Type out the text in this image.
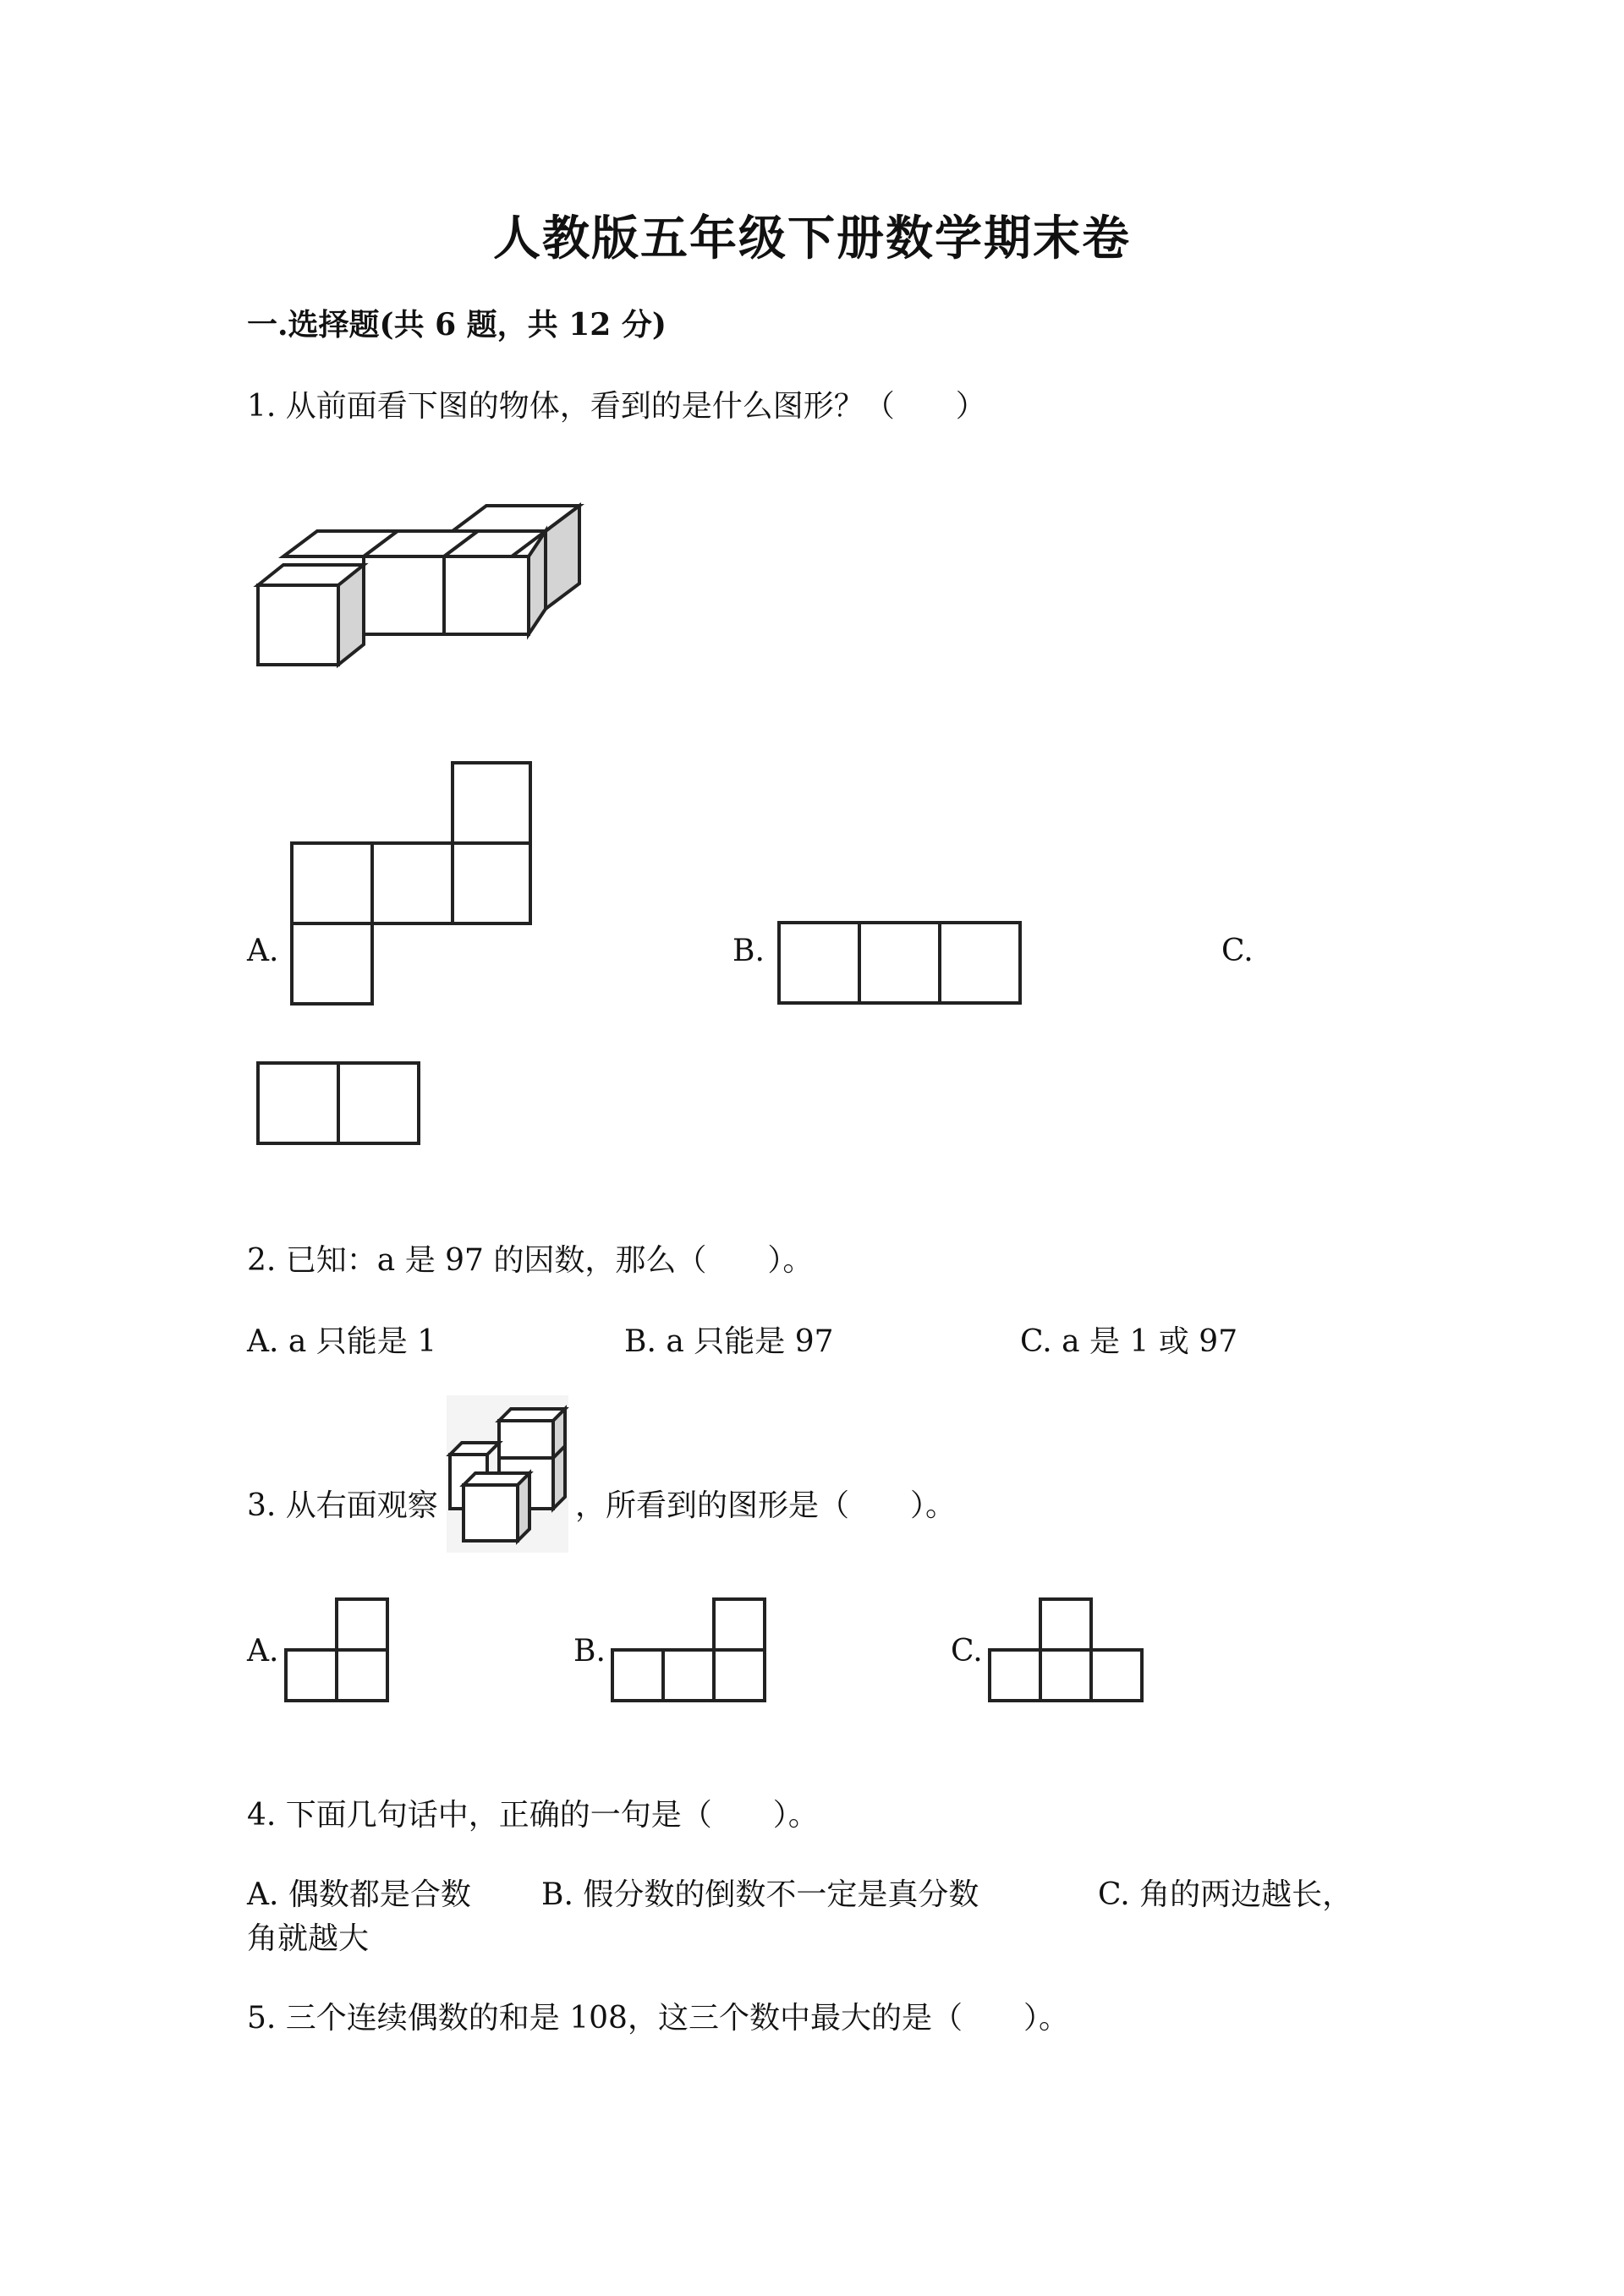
人教版五年级下册数学期末卷
一.选择题(共 6 题，共 12 分)
1. 从前面看下图的物体，看到的是什么图形？（　　）
A.	B.	C.
2. 已知：a 是 97 的因数，那么（　　）。
A. a 只能是 1	B. a 只能是 97	C. a 是 1 或 97
3. 从右面观察	，所看到的图形是（　　）。
A.	B.	C.
4. 下面几句话中，正确的一句是（　　）。
A. 偶数都是合数 B. 假分数的倒数不一定是真分数	C. 角的两边越长，
角就越大
5. 三个连续偶数的和是 108，这三个数中最大的是（　　）。
